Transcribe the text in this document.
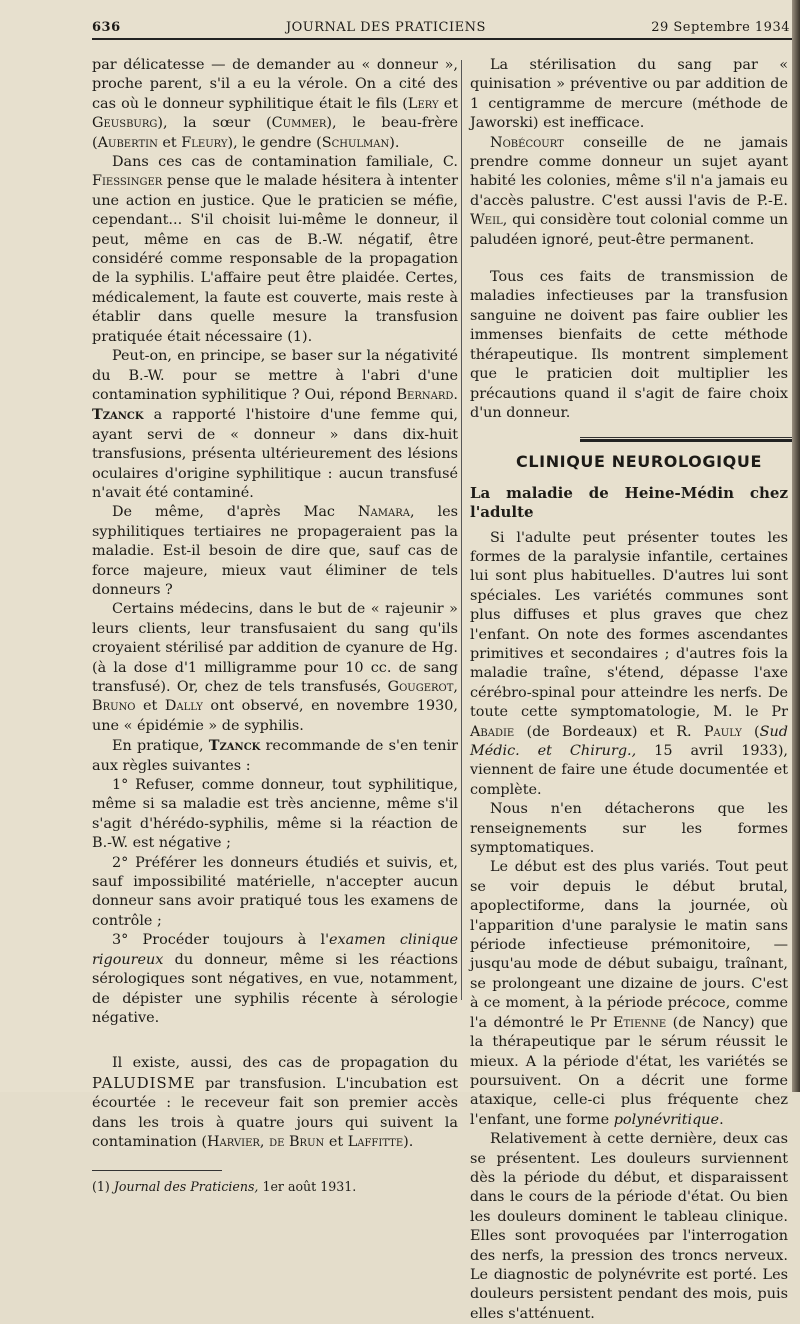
636	JOURNAL DES PRATICIENS	29 Septembre 1934

par délicatesse — de demander au « donneur », proche parent, s'il a eu la vérole. On a cité des cas où le donneur syphilitique était le fils (Lery et Geusburg), la sœur (Cummer), le beau-frère (Aubertin et Fleury), le gendre (Schulman).

Dans ces cas de contamination familiale, C. Fiessinger pense que le malade hésitera à intenter une action en justice. Que le praticien se méfie, cependant... S'il choisit lui-même le donneur, il peut, même en cas de B.-W. négatif, être considéré comme responsable de la propagation de la syphilis. L'affaire peut être plaidée. Certes, médicalement, la faute est couverte, mais reste à établir dans quelle mesure la transfusion pratiquée était nécessaire (1).

Peut-on, en principe, se baser sur la négativité du B.-W. pour se mettre à l'abri d'une contamination syphilitique ? Oui, répond Bernard. Tzanck a rapporté l'histoire d'une femme qui, ayant servi de « donneur » dans dix-huit transfusions, présenta ultérieurement des lésions oculaires d'origine syphilitique : aucun transfusé n'avait été contaminé.

De même, d'après Mac Namara, les syphilitiques tertiaires ne propageraient pas la maladie. Est-il besoin de dire que, sauf cas de force majeure, mieux vaut éliminer de tels donneurs ?

Certains médecins, dans le but de « rajeunir » leurs clients, leur transfusaient du sang qu'ils croyaient stérilisé par addition de cyanure de Hg. (à la dose d'1 milligramme pour 10 cc. de sang transfusé). Or, chez de tels transfusés, Gougerot, Bruno et Dally ont observé, en novembre 1930, une « épidémie » de syphilis.

En pratique, Tzanck recommande de s'en tenir aux règles suivantes :

1° Refuser, comme donneur, tout syphilitique, même si sa maladie est très ancienne, même s'il s'agit d'hérédo-syphilis, même si la réaction de B.-W. est négative ;

2° Préférer les donneurs étudiés et suivis, et, sauf impossibilité matérielle, n'accepter aucun donneur sans avoir pratiqué tous les examens de contrôle ;

3° Procéder toujours à l'examen clinique rigoureux du donneur, même si les réactions sérologiques sont négatives, en vue, notamment, de dépister une syphilis récente à sérologie négative.

Il existe, aussi, des cas de propagation du PALUDISME par transfusion. L'incubation est écourtée : le receveur fait son premier accès dans les trois à quatre jours qui suivent la contamination (Harvier, de Brun et Laffitte).

(1) Journal des Praticiens, 1er août 1931.

La stérilisation du sang par « quinisation » préventive ou par addition de 1 centigramme de mercure (méthode de Jaworski) est inefficace.

Nobécourt conseille de ne jamais prendre comme donneur un sujet ayant habité les colonies, même s'il n'a jamais eu d'accès palustre. C'est aussi l'avis de P.-E. Weil, qui considère tout colonial comme un paludéen ignoré, peut-être permanent.

Tous ces faits de transmission de maladies infectieuses par la transfusion sanguine ne doivent pas faire oublier les immenses bienfaits de cette méthode thérapeutique. Ils montrent simplement que le praticien doit multiplier les précautions quand il s'agit de faire choix d'un donneur.

CLINIQUE NEUROLOGIQUE

La maladie de Heine-Médin chez l'adulte

Si l'adulte peut présenter toutes les formes de la paralysie infantile, certaines lui sont plus habituelles. D'autres lui sont spéciales. Les variétés communes sont plus diffuses et plus graves que chez l'enfant. On note des formes ascendantes primitives et secondaires ; d'autres fois la maladie traîne, s'étend, dépasse l'axe cérébro-spinal pour atteindre les nerfs. De toute cette symptomatologie, M. le Pr Abadie (de Bordeaux) et R. Pauly (Sud Médic. et Chirurg., 15 avril 1933), viennent de faire une étude documentée et complète.

Nous n'en détacherons que les renseignements sur les formes symptomatiques.

Le début est des plus variés. Tout peut se voir depuis le début brutal, apoplectiforme, dans la journée, où l'apparition d'une paralysie le matin sans période infectieuse prémonitoire, — jusqu'au mode de début subaigu, traînant, se prolongeant une dizaine de jours. C'est à ce moment, à la période précoce, comme l'a démontré le Pr Etienne (de Nancy) que la thérapeutique par le sérum réussit le mieux. A la période d'état, les variétés se poursuivent. On a décrit une forme ataxique, celle-ci plus fréquente chez l'enfant, une forme polynévritique.

Relativement à cette dernière, deux cas se présentent. Les douleurs surviennent dès la période du début, et disparaissent dans le cours de la période d'état. Ou bien les douleurs dominent le tableau clinique. Elles sont provoquées par l'interrogation des nerfs, la pression des troncs nerveux. Le diagnostic de polynévrite est porté. Les douleurs persistent pendant des mois, puis elles s'atténuent.
